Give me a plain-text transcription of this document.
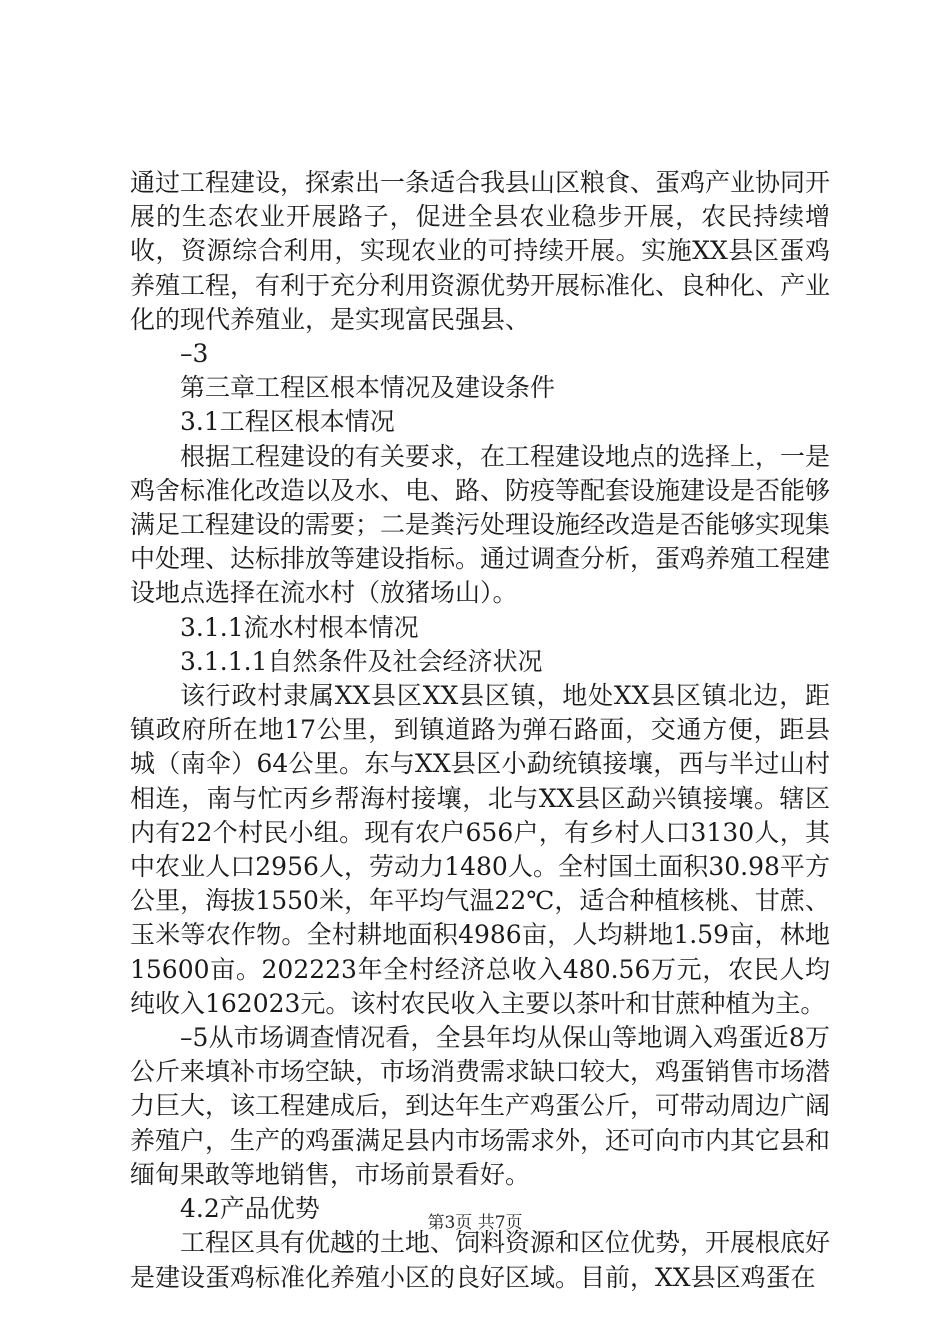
通过工程建设，探索出一条适合我县山区粮食、蛋鸡产业协同开展的生态农业开展路子，促进全县农业稳步开展，农民持续增收，资源综合利用，实现农业的可持续开展。实施XX县区蛋鸡养殖工程，有利于充分利用资源优势开展标准化、良种化、产业化的现代养殖业，是实现富民强县、

–3

第三章工程区根本情况及建设条件

3.1工程区根本情况

根据工程建设的有关要求，在工程建设地点的选择上，一是鸡舍标准化改造以及水、电、路、防疫等配套设施建设是否能够满足工程建设的需要；二是粪污处理设施经改造是否能够实现集中处理、达标排放等建设指标。通过调查分析，蛋鸡养殖工程建设地点选择在流水村（放猪场山）。

3.1.1流水村根本情况

3.1.1.1自然条件及社会经济状况

该行政村隶属XX县区XX县区镇，地处XX县区镇北边，距镇政府所在地17公里，到镇道路为弹石路面，交通方便，距县城（南伞）64公里。东与XX县区小勐统镇接壤，西与半过山村相连，南与忙丙乡帮海村接壤，北与XX县区勐兴镇接壤。辖区内有22个村民小组。现有农户656户，有乡村人口3130人，其中农业人口2956人，劳动力1480人。全村国土面积30.98平方公里，海拔1550米，年平均气温22℃，适合种植核桃、甘蔗、玉米等农作物。全村耕地面积4986亩，人均耕地1.59亩，林地15600亩。202223年全村经济总收入480.56万元，农民人均纯收入162023元。该村农民收入主要以茶叶和甘蔗种植为主。

–5从市场调查情况看，全县年均从保山等地调入鸡蛋近8万公斤来填补市场空缺，市场消费需求缺口较大，鸡蛋销售市场潜力巨大，该工程建成后，到达年生产鸡蛋公斤，可带动周边广阔养殖户，生产的鸡蛋满足县内市场需求外，还可向市内其它县和缅甸果敢等地销售，市场前景看好。

4.2产品优势

工程区具有优越的土地、饲料资源和区位优势，开展根底好是建设蛋鸡标准化养殖小区的良好区域。目前，XX县区鸡蛋在

第3页 共7页
